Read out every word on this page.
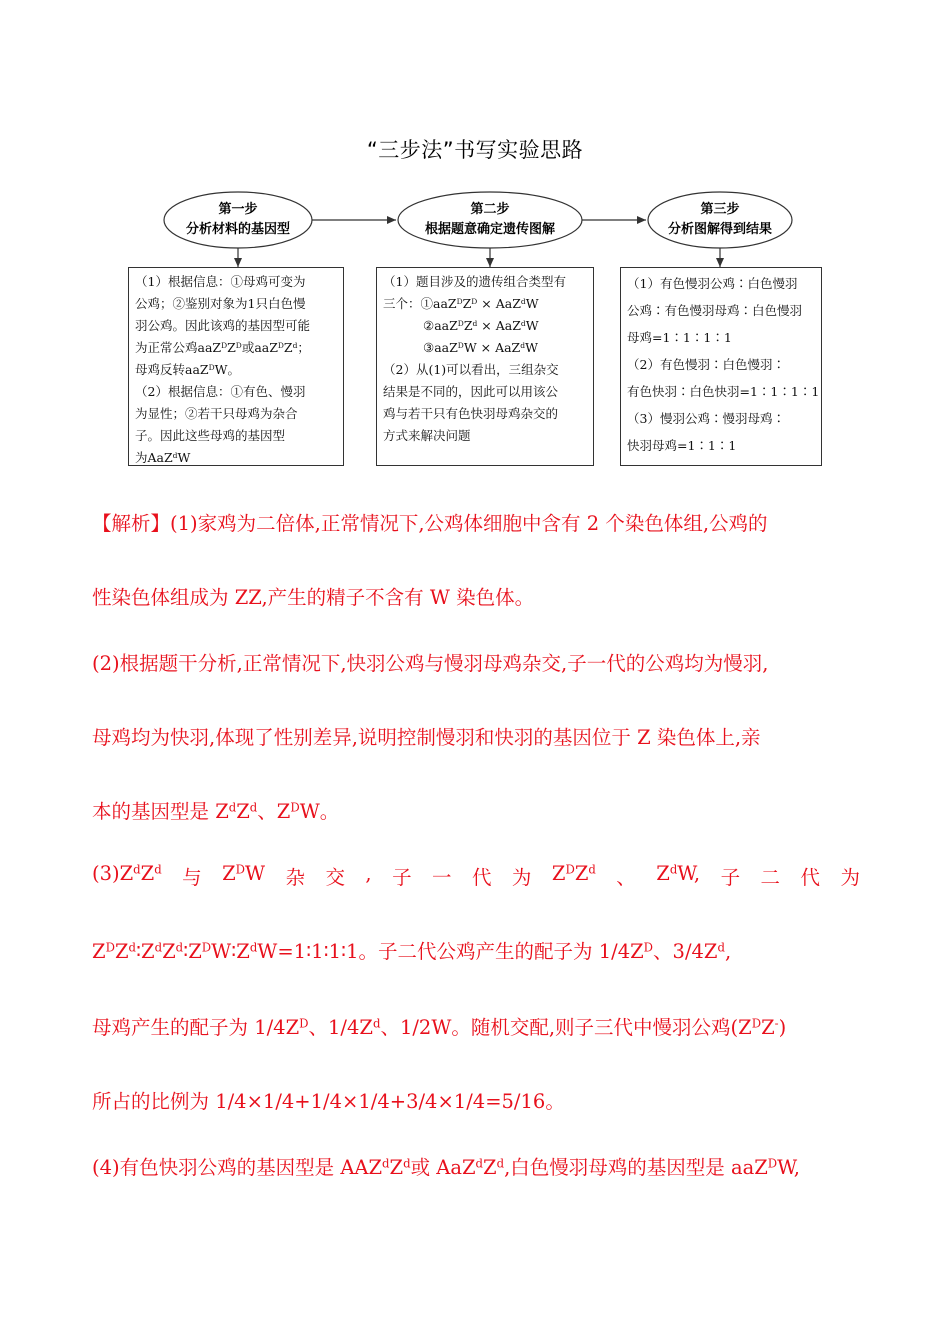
“三步法”书写实验思路
第一步
分析材料的基因型
第二步
根据题意确定遗传图解
第三步
分析图解得到结果
（1）根据信息：①母鸡可变为
公鸡；②鉴别对象为1只白色慢
羽公鸡。因此该鸡的基因型可能
为正常公鸡$aaZ^DZ^D$或$aaZ^DZ^d$；
母鸡反转aaZ$^D$W。
（2）根据信息：①有色、慢羽
为显性；②若干只母鸡为杂合
子。因此这些母鸡的基因型
为AaZ$^d$W
（1）题目涉及的遗传组合类型有
三个：$①aaZ^DZ^D \times AaZ^dW$
$②aaZ^DZ^d \times AaZ^dW$
③aaZ$^D$W × AaZ$^d$W
（2）从(1)可以看出，三组杂交
结果是不同的，因此可以用该公
鸡与若干只有色快羽母鸡杂交的
方式来解决问题
（1）有色慢羽公鸡∶白色慢羽
公鸡∶有色慢羽母鸡∶白色慢羽
母鸡=1∶1∶1∶1
（2）有色慢羽∶白色慢羽∶
有色快羽∶白色快羽=1∶1∶1∶1
（3）慢羽公鸡∶慢羽母鸡∶
快羽母鸡=1∶1∶1
【解析】(1)家鸡为二倍体,正常情况下,公鸡体细胞中含有 2 个染色体组,公鸡的
性染色体组成为 ZZ,产生的精子不含有 W 染色体。
(2)根据题干分析,正常情况下,快羽公鸡与慢羽母鸡杂交,子一代的公鸡均为慢羽,
母鸡均为快羽,体现了性别差异,说明控制慢羽和快羽的基因位于 Z 染色体上,亲
本的基因型是 $Z^dZ^d$、$Z^DW$。
$(3)Z^dZ^d$ 与 $Z^DW$ 杂 交 , 子 一 代 为 $Z^DZ^d$ 、 $Z^dW$, 子 二 代 为
$Z^DZ^d∶Z^dZ^d∶Z^DW∶Z^dW=1∶1∶1∶1$。子二代公鸡产生的配子为 $1/4Z^D$、$3/4Z^d$,
母鸡产生的配子为 $1/4Z^D$、$1/4Z^d$、1/2W。随机交配,则子三代中慢羽公鸡$(Z^DZ^-)$
所占的比例为 1/4×1/4+1/4×1/4+3/4×1/4=5/16。
(4)有色快羽公鸡的基因型是 $AAZ^dZ^d$或 $AaZ^dZ^d$,白色慢羽母鸡的基因型是 aaZ$^D$W,
